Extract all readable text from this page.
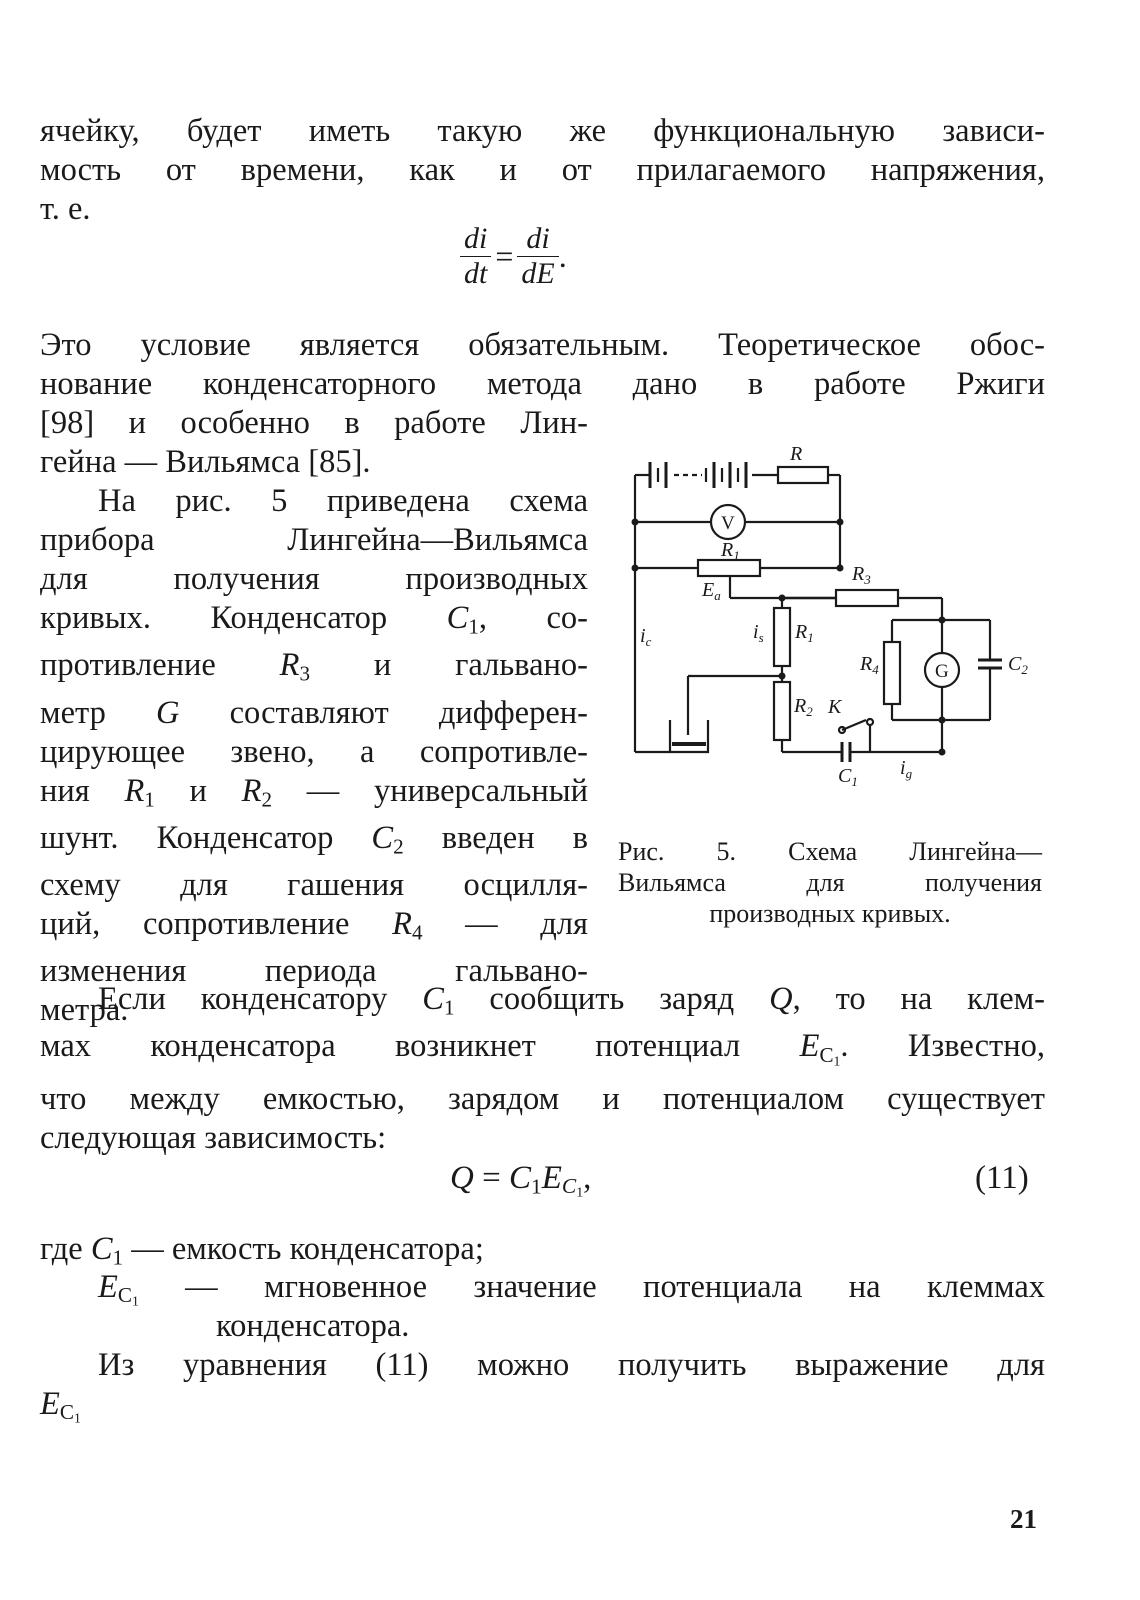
ячейку, будет иметь такую же функциональную зависи-
мость от времени, как и от прилагаемого напряжения,
т. е.
$\frac{di}{dt} = \frac{di}{dE}$ .
Это условие является обязательным. Теоретическое обос-
нование конденсаторного метода дано в работе Ржиги
[98] и особенно в работе Лин-
гейна — Вильямса [85].
На рис. 5 приведена схема
прибора Лингейна—Вильямса
для получения производных
кривых. Конденсатор $C_1$, со-
противление $R_3$ и гальвано-
метр G составляют дифферен-
цирующее звено, а сопротивле-
ния $R_1$ и $R_2$ — универсальный
шунт. Конденсатор $C_2$ введен в
схему для гашения осцилля-
ций, сопротивление $R_4$ — для
изменения периода гальвано-
метра.
R
V
$R_1$
$R_3$
$E_a$
$i_c$	$i_s$ $R_1$
$R_4$	G	$C_2$
$R_2$ K
$C_1$
$i_g$
Рис. 5. Схема Лингейна—
Вильямса для получения
производных кривых.
Если конденсатору $C_1$ сообщить заряд Q, то на клем-
мах конденсатора возникнет потенциал $E_{C_1}$. Известно,
что между емкостью, зарядом и потенциалом существует
следующая зависимость:
$Q = C_1E_{C_1}$,	(11)
где $C_1$ — емкость конденсатора;
$E_{C_1}$ — мгновенное значение потенциала на клеммах
конденсатора.
Из уравнения (11) можно получить выражение для
$E_{C_1}$
21
